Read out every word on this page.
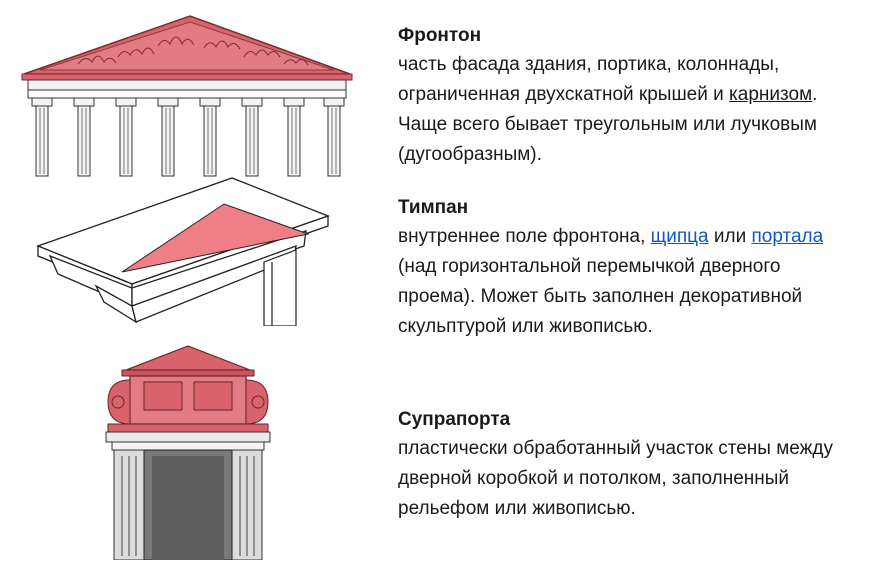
Фронтон

часть фасада здания, портика, колоннады, ограниченная двухскатной крышей и карнизом. Чаще всего бывает треугольным или лучковым (дугообразным).

Тимпан

внутреннее поле фронтона, щипца или портала (над горизонтальной перемычкой дверного проема). Может быть заполнен декоративной скульптурой или живописью.

Супрапорта

пластически обработанный участок стены между дверной коробкой и потолком, заполненный рельефом или живописью.
